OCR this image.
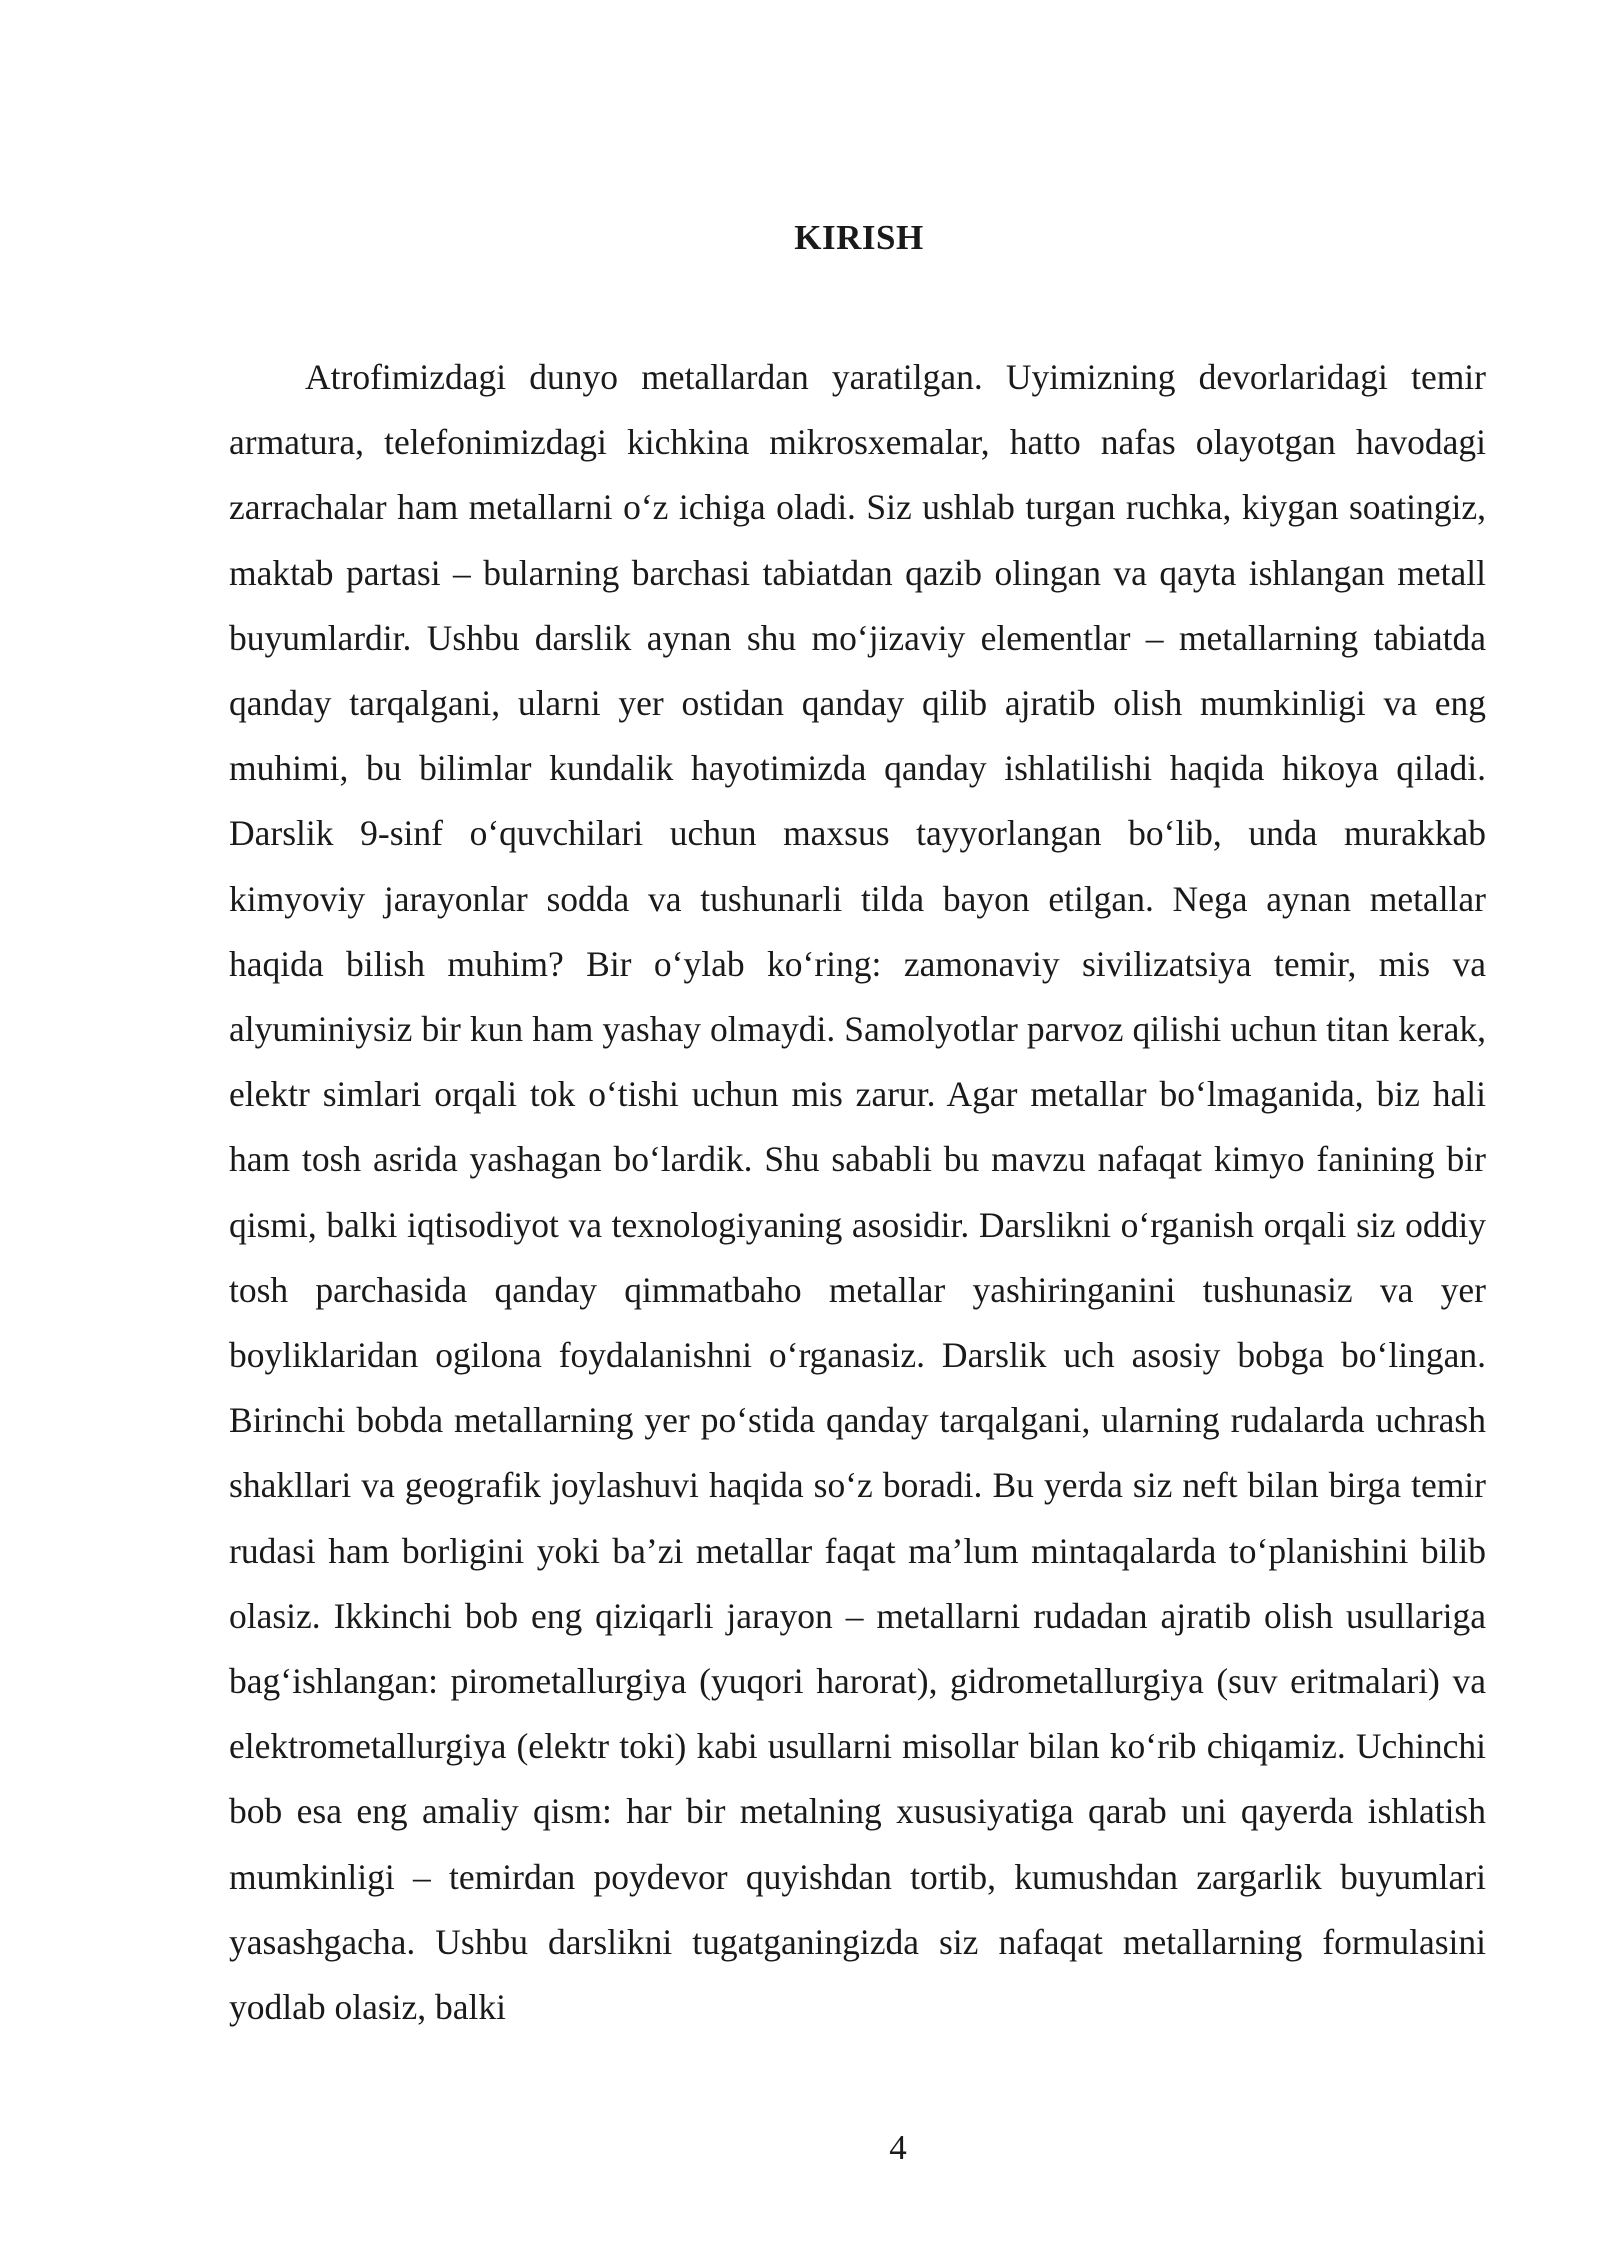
KIRISH

Atrofimizdagi dunyo metallardan yaratilgan. Uyimizning devorlaridagi temir armatura, telefonimizdagi kichkina mikrosxemalar, hatto nafas olayotgan havodagi zarrachalar ham metallarni o‘z ichiga oladi. Siz ushlab turgan ruchka, kiygan soatingiz, maktab partasi – bularning barchasi tabiatdan qazib olingan va qayta ishlangan metall buyumlardir. Ushbu darslik aynan shu mo‘jizaviy elementlar – metallarning tabiatda qanday tarqalgani, ularni yer ostidan qanday qilib ajratib olish mumkinligi va eng muhimi, bu bilimlar kundalik hayotimizda qanday ishlatilishi haqida hikoya qiladi. Darslik 9-sinf o‘quvchilari uchun maxsus tayyorlangan bo‘lib, unda murakkab kimyoviy jarayonlar sodda va tushunarli tilda bayon etilgan. Nega aynan metallar haqida bilish muhim? Bir o‘ylab ko‘ring: zamonaviy sivilizatsiya temir, mis va alyuminiysiz bir kun ham yashay olmaydi. Samolyotlar parvoz qilishi uchun titan kerak, elektr simlari orqali tok o‘tishi uchun mis zarur. Agar metallar bo‘lmaganida, biz hali ham tosh asrida yashagan bo‘lardik. Shu sababli bu mavzu nafaqat kimyo fanining bir qismi, balki iqtisodiyot va texnologiyaning asosidir. Darslikni o‘rganish orqali siz oddiy tosh parchasida qanday qimmatbaho metallar yashiringanini tushunasiz va yer boyliklaridan ogilona foydalanishni o‘rganasiz. Darslik uch asosiy bobga bo‘lingan. Birinchi bobda metallarning yer po‘stida qanday tarqalgani, ularning rudalarda uchrash shakllari va geografik joylashuvi haqida so‘z boradi. Bu yerda siz neft bilan birga temir rudasi ham borligini yoki ba’zi metallar faqat ma’lum mintaqalarda to‘planishini bilib olasiz. Ikkinchi bob eng qiziqarli jarayon – metallarni rudadan ajratib olish usullariga bag‘ishlangan: pirometallurgiya (yuqori harorat), gidrometallurgiya (suv eritmalari) va elektrometallurgiya (elektr toki) kabi usullarni misollar bilan ko‘rib chiqamiz. Uchinchi bob esa eng amaliy qism: har bir metalning xususiyatiga qarab uni qayerda ishlatish mumkinligi – temirdan poydevor quyishdan tortib, kumushdan zargarlik buyumlari yasashgacha. Ushbu darslikni tugatganingizda siz nafaqat metallarning formulasini yodlab olasiz, balki

4
